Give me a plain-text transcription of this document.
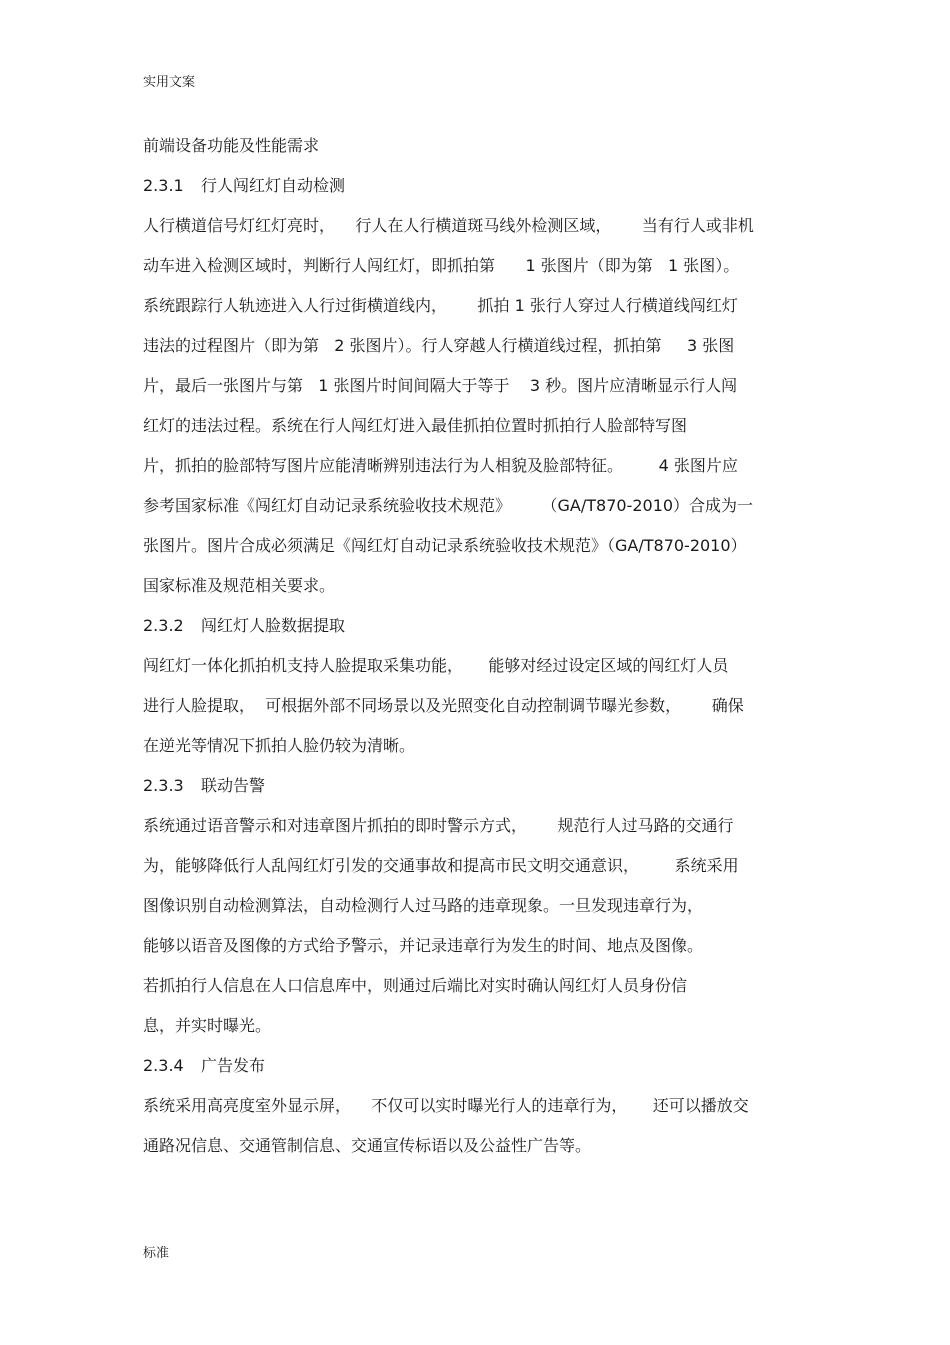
实用文案
前端设备功能及性能需求
2.3.1 行人闯红灯自动检测
人行横道信号灯红灯亮时，    行人在人行横道斑马线外检测区域，      当有行人或非机
动车进入检测区域时，判断行人闯红灯，即抓拍第      1 张图片（即为第   1 张图）。
系统跟踪行人轨迹进入人行过街横道线内，      抓拍 1 张行人穿过人行横道线闯红灯
违法的过程图片（即为第   2 张图片）。行人穿越人行横道线过程，抓拍第     3 张图
片，最后一张图片与第   1 张图片时间间隔大于等于    3 秒。图片应清晰显示行人闯
红灯的违法过程。系统在行人闯红灯进入最佳抓拍位置时抓拍行人脸部特写图
片，抓拍的脸部特写图片应能清晰辨别违法行为人相貌及脸部特征。       4 张图片应
参考国家标准《闯红灯自动记录系统验收技术规范》      （GA/T870-2010）合成为一
张图片。图片合成必须满足《闯红灯自动记录系统验收技术规范》（GA/T870-2010）
国家标准及规范相关要求。
2.3.2 闯红灯人脸数据提取
闯红灯一体化抓拍机支持人脸提取采集功能，     能够对经过设定区域的闯红灯人员
进行人脸提取，  可根据外部不同场景以及光照变化自动控制调节曝光参数，      确保
在逆光等情况下抓拍人脸仍较为清晰。
2.3.3 联动告警
系统通过语音警示和对违章图片抓拍的即时警示方式，      规范行人过马路的交通行
为，能够降低行人乱闯红灯引发的交通事故和提高市民文明交通意识，       系统采用
图像识别自动检测算法，自动检测行人过马路的违章现象。一旦发现违章行为，
能够以语音及图像的方式给予警示，并记录违章行为发生的时间、地点及图像。
若抓拍行人信息在人口信息库中，则通过后端比对实时确认闯红灯人员身份信
息，并实时曝光。
2.3.4 广告发布
系统采用高亮度室外显示屏，    不仅可以实时曝光行人的违章行为，     还可以播放交
通路况信息、交通管制信息、交通宣传标语以及公益性广告等。
标准
